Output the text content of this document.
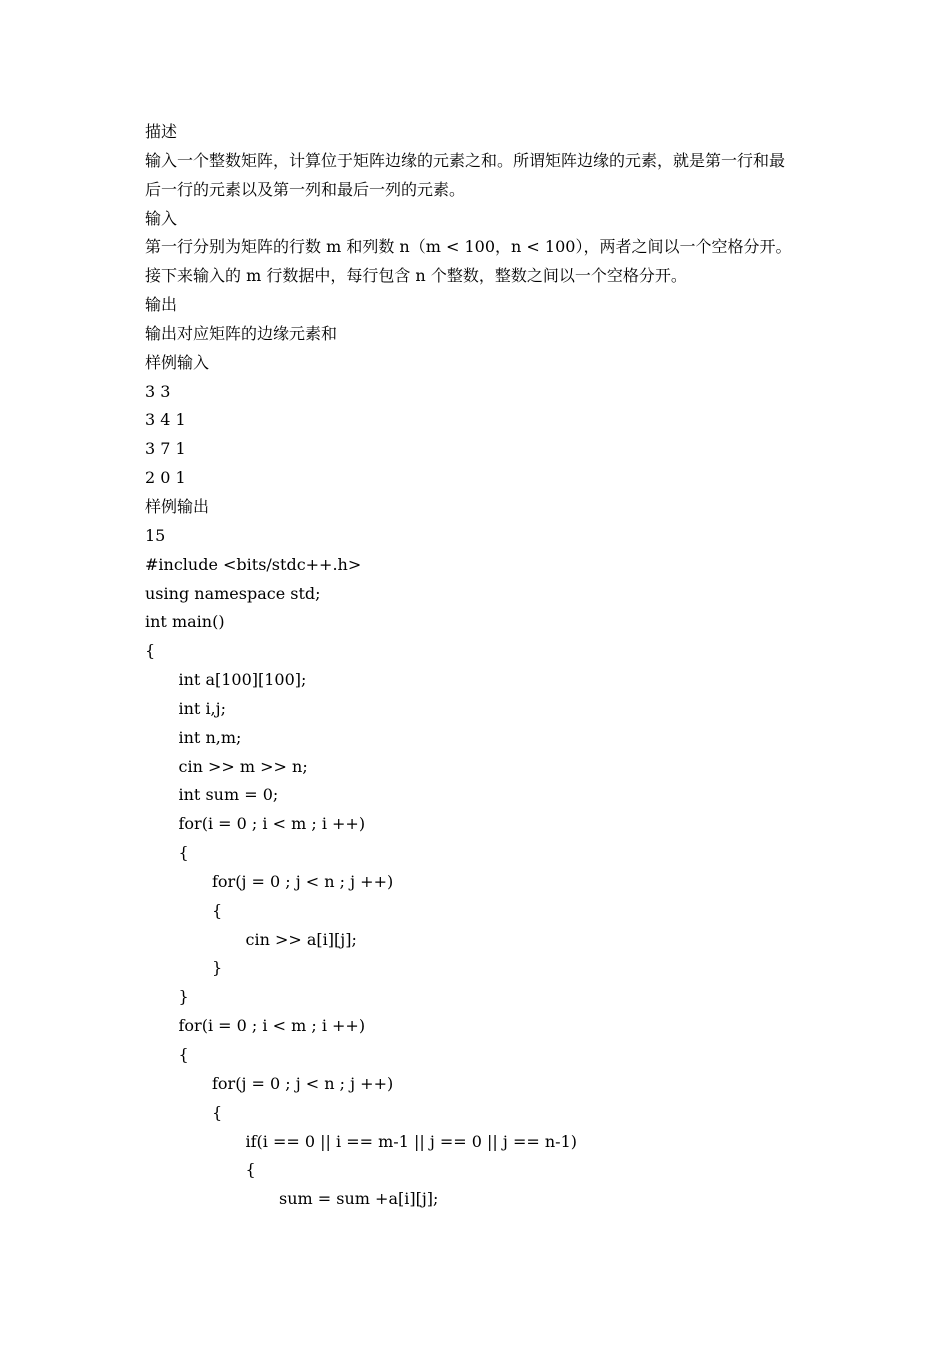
描述
输入一个整数矩阵，计算位于矩阵边缘的元素之和。所谓矩阵边缘的元素，就是第一行和最
后一行的元素以及第一列和最后一列的元素。
输入
第一行分别为矩阵的行数 m 和列数 n（m < 100，n < 100），两者之间以一个空格分开。
接下来输入的 m 行数据中，每行包含 n 个整数，整数之间以一个空格分开。
输出
输出对应矩阵的边缘元素和
样例输入
3 3
3 4 1
3 7 1
2 0 1
样例输出
15
#include <bits/stdc++.h>
using namespace std;
int main()
{
int a[100][100];
int i,j;
int n,m;
cin >> m >> n;
int sum = 0;
for(i = 0 ; i < m ; i ++)
{
for(j = 0 ; j < n ; j ++)
{
cin >> a[i][j];
}
}
for(i = 0 ; i < m ; i ++)
{
for(j = 0 ; j < n ; j ++)
{
if(i == 0 || i == m-1 || j == 0 || j == n-1)
{
sum = sum +a[i][j];
